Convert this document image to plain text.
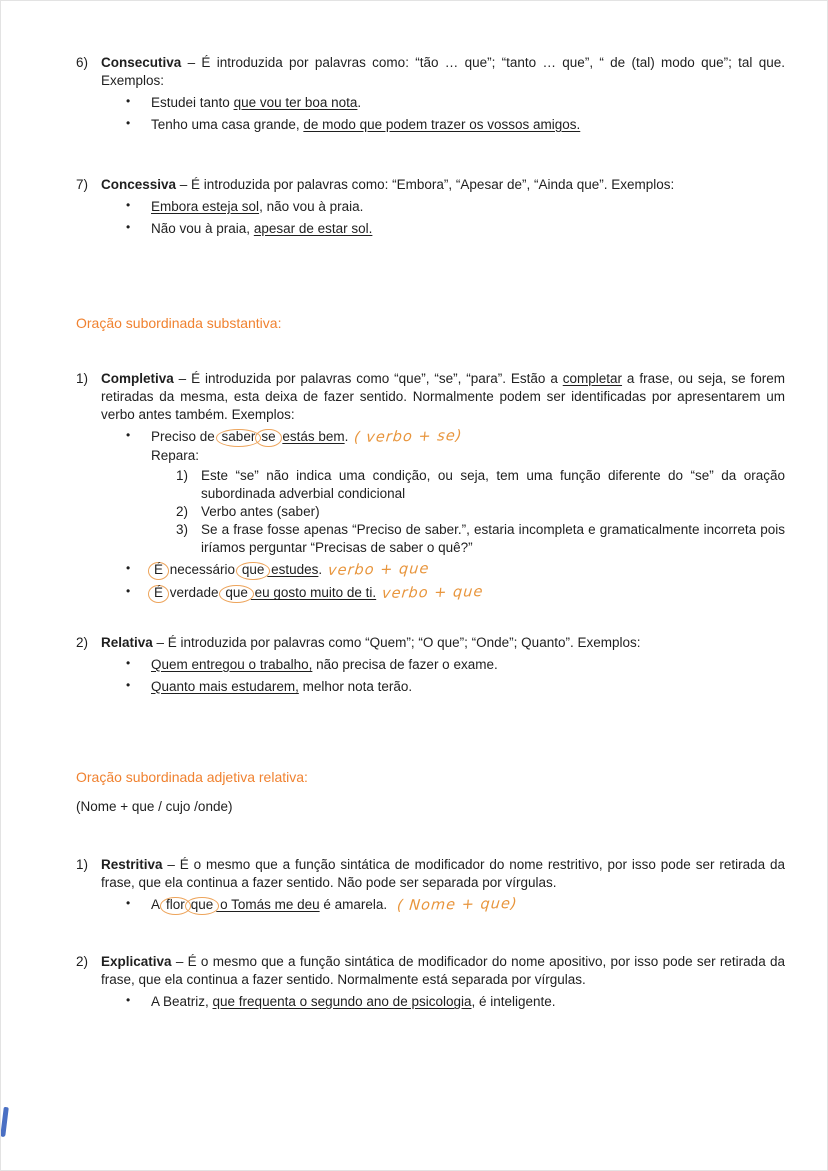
6) Consecutiva – É introduzida por palavras como: “tão … que”; “tanto … que”, “ de (tal) modo que”; tal que. Exemplos:

•	Estudei tanto que vou ter boa nota.

•	Tenho uma casa grande, de modo que podem trazer os vossos amigos.

7) Concessiva – É introduzida por palavras como: “Embora”, “Apesar de”, “Ainda que”. Exemplos:

•	Embora esteja sol, não vou à praia.

•	Não vou à praia, apesar de estar sol.

Oração subordinada substantiva:

1) Completiva – É introduzida por palavras como “que”, “se”, “para”. Estão a completar a frase, ou seja, se forem retiradas da mesma, esta deixa de fazer sentido. Normalmente podem ser identificadas por apresentarem um verbo antes também. Exemplos:

•	Preciso de saber se estás bem. ( verbo + se)

Repara:

1) Este “se” não indica uma condição, ou seja, tem uma função diferente do “se” da oração subordinada adverbial condicional

2) Verbo antes (saber)

3) Se a frase fosse apenas “Preciso de saber.”, estaria incompleta e gramaticalmente incorreta pois iríamos perguntar “Precisas de saber o quê?”

•	É necessário que estudes. verbo + que

•	É verdade que eu gosto muito de ti. verbo + que

2) Relativa – É introduzida por palavras como “Quem”; “O que”; “Onde”; Quanto”. Exemplos:

•	Quem entregou o trabalho, não precisa de fazer o exame.

•	Quanto mais estudarem, melhor nota terão.

Oração subordinada adjetiva relativa:

(Nome + que / cujo /onde)

1) Restritiva – É o mesmo que a função sintática de modificador do nome restritivo, por isso pode ser retirada da frase, que ela continua a fazer sentido. Não pode ser separada por vírgulas.

•	A flor que o Tomás me deu é amarela. ( Nome + que)

2) Explicativa – É o mesmo que a função sintática de modificador do nome apositivo, por isso pode ser retirada da frase, que ela continua a fazer sentido. Normalmente está separada por vírgulas.

•	A Beatriz, que frequenta o segundo ano de psicologia, é inteligente.
